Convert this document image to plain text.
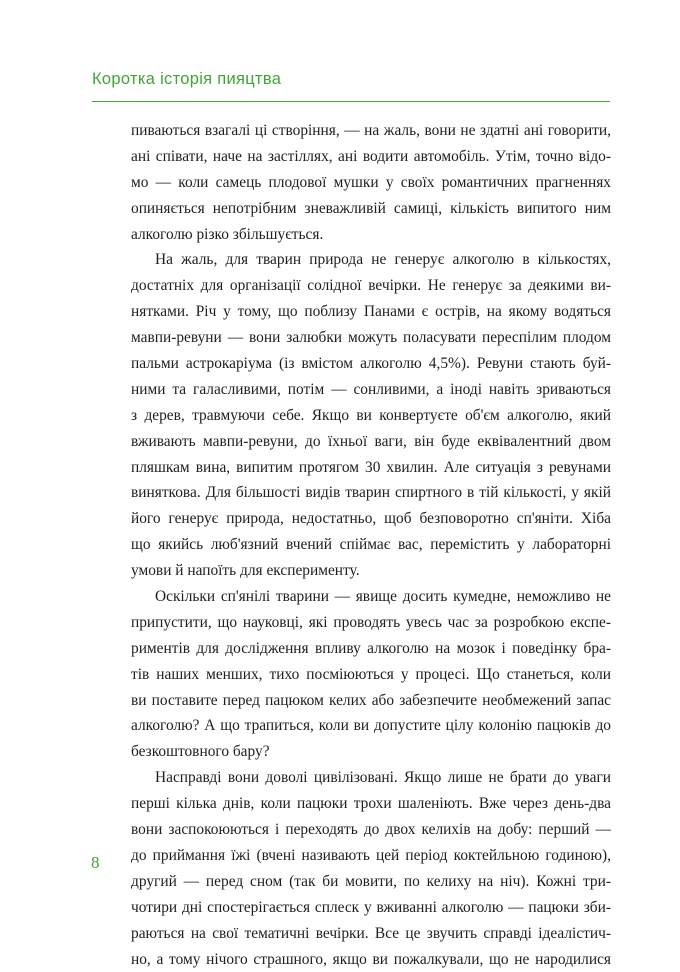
Коротка історія пияцтва
пиваються взагалі ці створіння, — на жаль, вони не здатні ані говорити,
ані співати, наче на застіллях, ані водити автомобіль. Утім, точно відо-
мо — коли самець плодової мушки у своїх романтичних прагненнях
опиняється непотрібним зневажливій самиці, кількість випитого ним
алкоголю різко збільшується.
На жаль, для тварин природа не генерує алкоголю в кількостях,
достатніх для організації солідної вечірки. Не генерує за деякими ви-
нятками. Річ у тому, що поблизу Панами є острів, на якому водяться
мавпи-ревуни — вони залюбки можуть поласувати переспілим плодом
пальми астрокаріума (із вмістом алкоголю 4,5%). Ревуни стають буй-
ними та галасливими, потім — сонливими, а іноді навіть зриваються
з дерев, травмуючи себе. Якщо ви конвертуєте об'єм алкоголю, який
вживають мавпи-ревуни, до їхньої ваги, він буде еквівалентний двом
пляшкам вина, випитим протягом 30 хвилин. Але ситуація з ревунами
виняткова. Для більшості видів тварин спиртного в тій кількості, у якій
його генерує природа, недостатньо, щоб безповоротно сп'яніти. Хіба
що якийсь люб'язний вчений спіймає вас, перемістить у лабораторні
умови й напоїть для експерименту.
Оскільки сп'янілі тварини — явище досить кумедне, неможливо не
припустити, що науковці, які проводять увесь час за розробкою експе-
риментів для дослідження впливу алкоголю на мозок і поведінку бра-
тів наших менших, тихо посміюються у процесі. Що станеться, коли
ви поставите перед пацюком келих або забезпечите необмежений запас
алкоголю? А що трапиться, коли ви допустите цілу колонію пацюків до
безкоштовного бару?
Насправді вони доволі цивілізовані. Якщо лише не брати до уваги
перші кілька днів, коли пацюки трохи шаленіють. Вже через день-два
вони заспокоюються і переходять до двох келихів на добу: перший —
до приймання їжі (вчені називають цей період коктейльною годиною),
другий — перед сном (так би мовити, по келиху на ніч). Кожні три-
чотири дні спостерігається сплеск у вживанні алкоголю — пацюки зби-
раються на свої тематичні вечірки. Все це звучить справді ідеалістич-
но, а тому нічого страшного, якщо ви пожалкували, що не народилися
8
